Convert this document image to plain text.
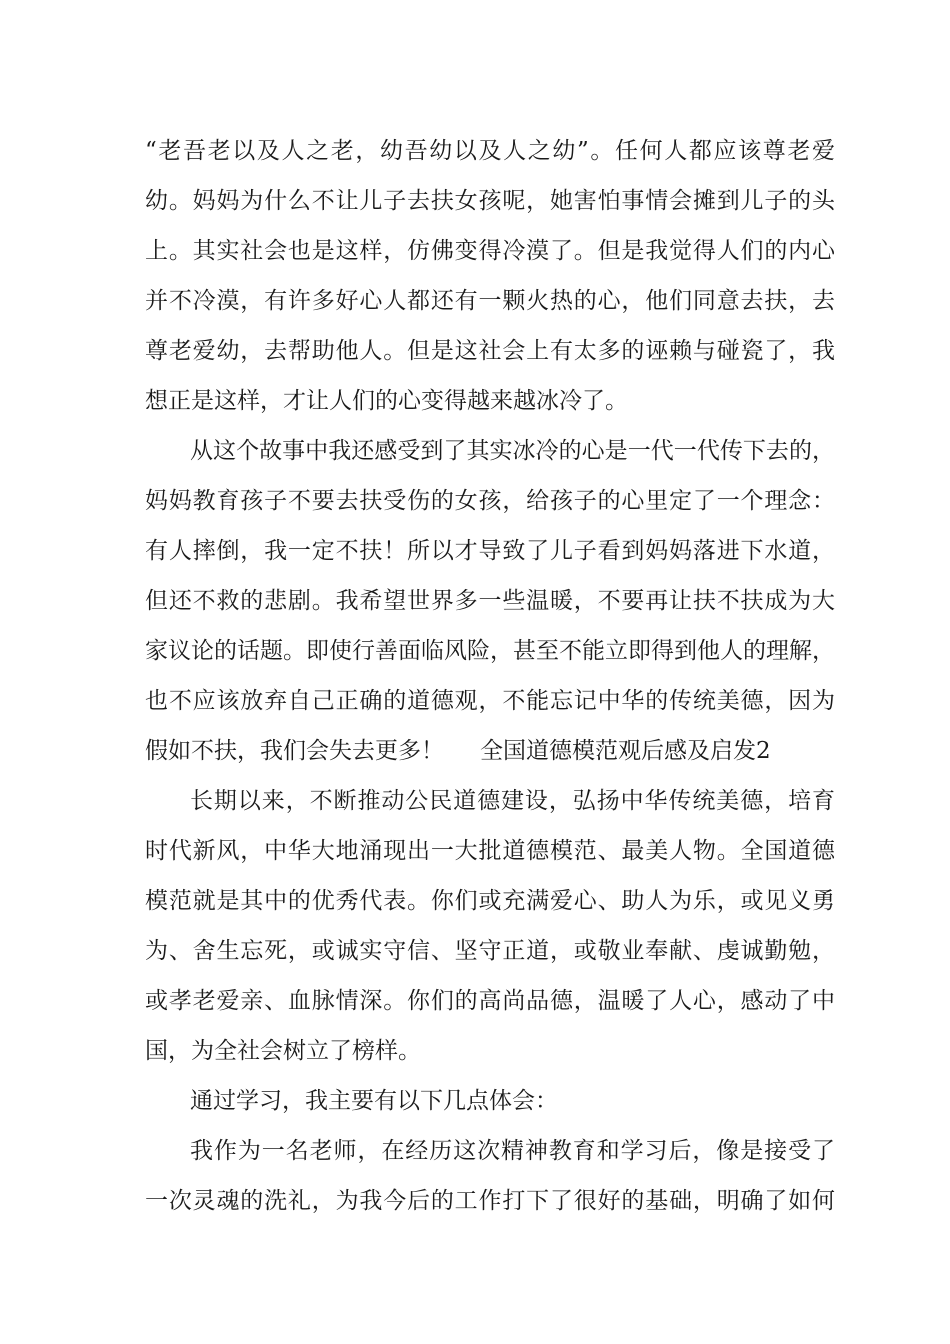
“老吾老以及人之老，幼吾幼以及人之幼”。任何人都应该尊老爱
幼。妈妈为什么不让儿子去扶女孩呢，她害怕事情会摊到儿子的头
上。其实社会也是这样，仿佛变得冷漠了。但是我觉得人们的内心
并不冷漠，有许多好心人都还有一颗火热的心，他们同意去扶，去
尊老爱幼，去帮助他人。但是这社会上有太多的诬赖与碰瓷了，我
想正是这样，才让人们的心变得越来越冰冷了。
从这个故事中我还感受到了其实冰冷的心是一代一代传下去的，
妈妈教育孩子不要去扶受伤的女孩，给孩子的心里定了一个理念：
有人摔倒，我一定不扶！所以才导致了儿子看到妈妈落进下水道，
但还不救的悲剧。我希望世界多一些温暖，不要再让扶不扶成为大
家议论的话题。即使行善面临风险，甚至不能立即得到他人的理解，
也不应该放弃自己正确的道德观，不能忘记中华的传统美德，因为
假如不扶，我们会失去更多！ 全国道德模范观后感及启发2
长期以来，不断推动公民道德建设，弘扬中华传统美德，培育
时代新风，中华大地涌现出一大批道德模范、最美人物。全国道德
模范就是其中的优秀代表。你们或充满爱心、助人为乐，或见义勇
为、舍生忘死，或诚实守信、坚守正道，或敬业奉献、虔诚勤勉，
或孝老爱亲、血脉情深。你们的高尚品德，温暖了人心，感动了中
国，为全社会树立了榜样。
通过学习，我主要有以下几点体会：
我作为一名老师，在经历这次精神教育和学习后，像是接受了
一次灵魂的洗礼，为我今后的工作打下了很好的基础，明确了如何
